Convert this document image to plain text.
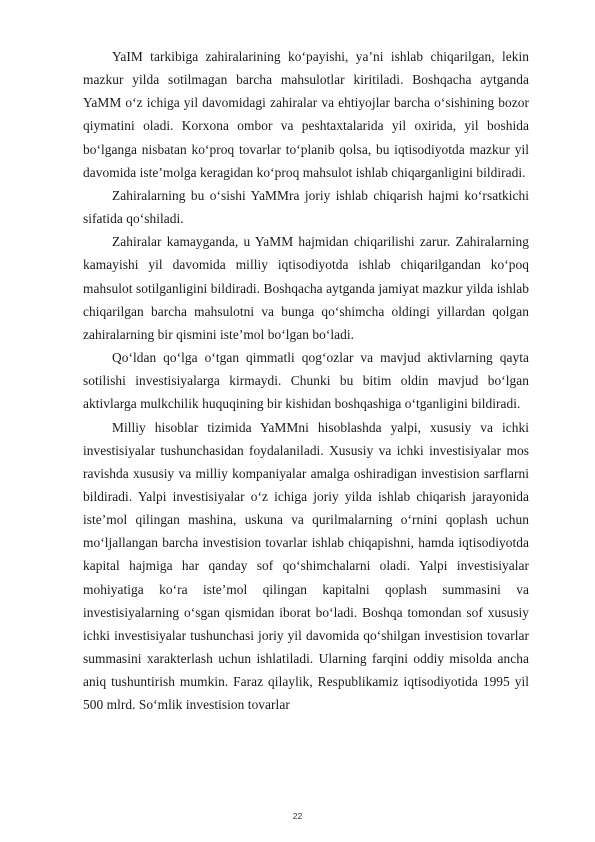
YaIM tarkibiga zahiralarining ko‘payishi, ya’ni ishlab chiqarilgan, lekin mazkur yilda sotilmagan barcha mahsulotlar kiritiladi. Boshqacha aytganda YaMM o‘z ichiga yil davomidagi zahiralar va ehtiyojlar barcha o‘sishining bozor qiymatini oladi. Korxona ombor va peshtaxtalarida yil oxirida, yil boshida bo‘lganga nisbatan ko‘proq tovarlar to‘planib qolsa, bu iqtisodiyotda mazkur yil davomida iste’molga keragidan ko‘proq mahsulot ishlab chiqarganligini bildiradi.

Zahiralarning bu o‘sishi YaMMra joriy ishlab chiqarish hajmi ko‘rsatkichi sifatida qo‘shiladi.

Zahiralar kamayganda, u YaMM hajmidan chiqarilishi zarur. Zahiralarning kamayishi yil davomida milliy iqtisodiyotda ishlab chiqarilgandan ko‘poq mahsulot sotilganligini bildiradi. Boshqacha aytganda jamiyat mazkur yilda ishlab chiqarilgan barcha mahsulotni va bunga qo‘shimcha oldingi yillardan qolgan zahiralarning bir qismini iste’mol bo‘lgan bo‘ladi.

Qo‘ldan qo‘lga o‘tgan qimmatli qog‘ozlar va mavjud aktivlarning qayta sotilishi investisiyalarga kirmaydi. Chunki bu bitim oldin mavjud bo‘lgan aktivlarga mulkchilik huquqining bir kishidan boshqashiga o‘tganligini bildiradi.

Milliy hisoblar tizimida YaMMni hisoblashda yalpi, xususiy va ichki investisiyalar tushunchasidan foydalaniladi. Xususiy va ichki investisiyalar mos ravishda xususiy va milliy kompaniyalar amalga oshiradigan investision sarflarni bildiradi. Yalpi investisiyalar o‘z ichiga joriy yilda ishlab chiqarish jarayonida iste’mol qilingan mashina, uskuna va qurilmalarning o‘rnini qoplash uchun mo‘ljallangan barcha investision tovarlar ishlab chiqapishni, hamda iqtisodiyotda kapital hajmiga har qanday sof qo‘shimchalarni oladi. Yalpi investisiyalar mohiyatiga ko‘ra iste’mol qilingan kapitalni qoplash summasini va investisiyalarning o‘sgan qismidan iborat bo‘ladi. Boshqa tomondan sof xususiy ichki investisiyalar tushunchasi joriy yil davomida qo‘shilgan investision tovarlar summasini xarakterlash uchun ishlatiladi. Ularning farqini oddiy misolda ancha aniq tushuntirish mumkin. Faraz qilaylik, Respublikamiz iqtisodiyotida 1995 yil 500 mlrd. So‘mlik investision tovarlar

22
